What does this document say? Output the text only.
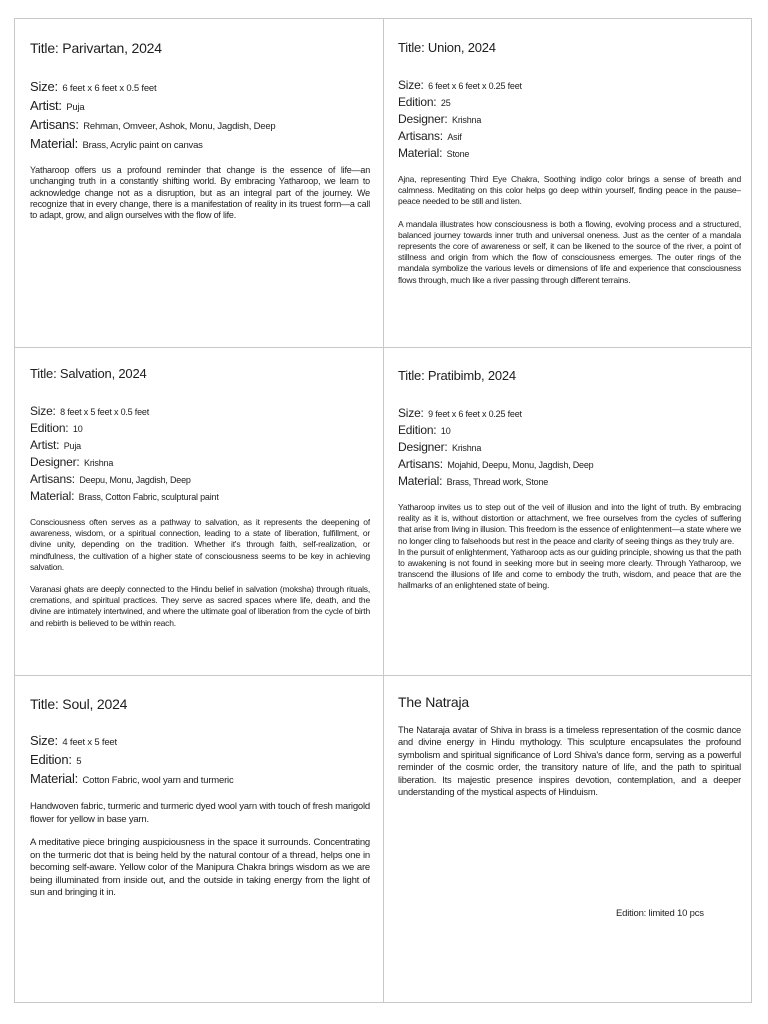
Title: Parivartan, 2024
Size: 6 feet x 6 feet x 0.5 feet
Artist: Puja
Artisans: Rehman, Omveer, Ashok, Monu, Jagdish, Deep
Material: Brass, Acrylic paint on canvas

Yatharoop offers us a profound reminder that change is the essence of life—an unchanging truth in a constantly shifting world. By embracing Yatharoop, we learn to acknowledge change not as a disruption, but as an integral part of the journey. We recognize that in every change, there is a manifestation of reality in its truest form—a call to adapt, grow, and align ourselves with the flow of life.

Title: Union, 2024
Size: 6 feet x 6 feet x 0.25 feet
Edition: 25
Designer: Krishna
Artisans: Asif
Material: Stone

Ajna, representing Third Eye Chakra, Soothing indigo color brings a sense of breath and calmness. Meditating on this color helps go deep within yourself, finding peace in the pause–peace needed to be still and listen.

A mandala illustrates how consciousness is both a flowing, evolving process and a structured, balanced journey towards inner truth and universal oneness. Just as the center of a mandala represents the core of awareness or self, it can be likened to the source of the river, a point of stillness and origin from which the flow of consciousness emerges. The outer rings of the mandala symbolize the various levels or dimensions of life and experience that consciousness flows through, much like a river passing through different terrains.

Title: Salvation, 2024
Size: 8 feet x 5 feet x 0.5 feet
Edition: 10
Artist: Puja
Designer: Krishna
Artisans: Deepu, Monu, Jagdish, Deep
Material: Brass, Cotton Fabric, sculptural paint

Consciousness often serves as a pathway to salvation, as it represents the deepening of awareness, wisdom, or a spiritual connection, leading to a state of liberation, fulfillment, or divine unity, depending on the tradition. Whether it's through faith, self-realization, or mindfulness, the cultivation of a higher state of consciousness seems to be key in achieving salvation.

Varanasi ghats are deeply connected to the Hindu belief in salvation (moksha) through rituals, cremations, and spiritual practices. They serve as sacred spaces where life, death, and the divine are intimately intertwined, and where the ultimate goal of liberation from the cycle of birth and rebirth is believed to be within reach.

Title: Pratibimb, 2024
Size: 9 feet x 6 feet x 0.25 feet
Edition: 10
Designer: Krishna
Artisans: Mojahid, Deepu, Monu, Jagdish, Deep
Material: Brass, Thread work, Stone

Yatharoop invites us to step out of the veil of illusion and into the light of truth. By embracing reality as it is, without distortion or attachment, we free ourselves from the cycles of suffering that arise from living in illusion. This freedom is the essence of enlightenment—a state where we no longer cling to falsehoods but rest in the peace and clarity of seeing things as they truly are.

In the pursuit of enlightenment, Yatharoop acts as our guiding principle, showing us that the path to awakening is not found in seeking more but in seeing more clearly. Through Yatharoop, we transcend the illusions of life and come to embody the truth, wisdom, and peace that are the hallmarks of an enlightened state of being.

Title: Soul, 2024
Size: 4 feet x 5 feet
Edition: 5
Material: Cotton Fabric, wool yarn and turmeric

Handwoven fabric, turmeric and turmeric dyed wool yarn with touch of fresh marigold flower for yellow in base yarn.

A meditative piece bringing auspiciousness in the space it surrounds. Concentrating on the turmeric dot that is being held by the natural contour of a thread, helps one in becoming self-aware. Yellow color of the Manipura Chakra brings wisdom as we are being illuminated from inside out, and the outside in taking energy from the light of sun and bringing it in.

The Natraja

The Nataraja avatar of Shiva in brass is a timeless representation of the cosmic dance and divine energy in Hindu mythology. This sculpture encapsulates the profound symbolism and spiritual significance of Lord Shiva's dance form, serving as a powerful reminder of the cosmic order, the transitory nature of life, and the path to spiritual liberation. Its majestic presence inspires devotion, contemplation, and a deeper understanding of the mystical aspects of Hinduism.

Edition: limited 10 pcs
